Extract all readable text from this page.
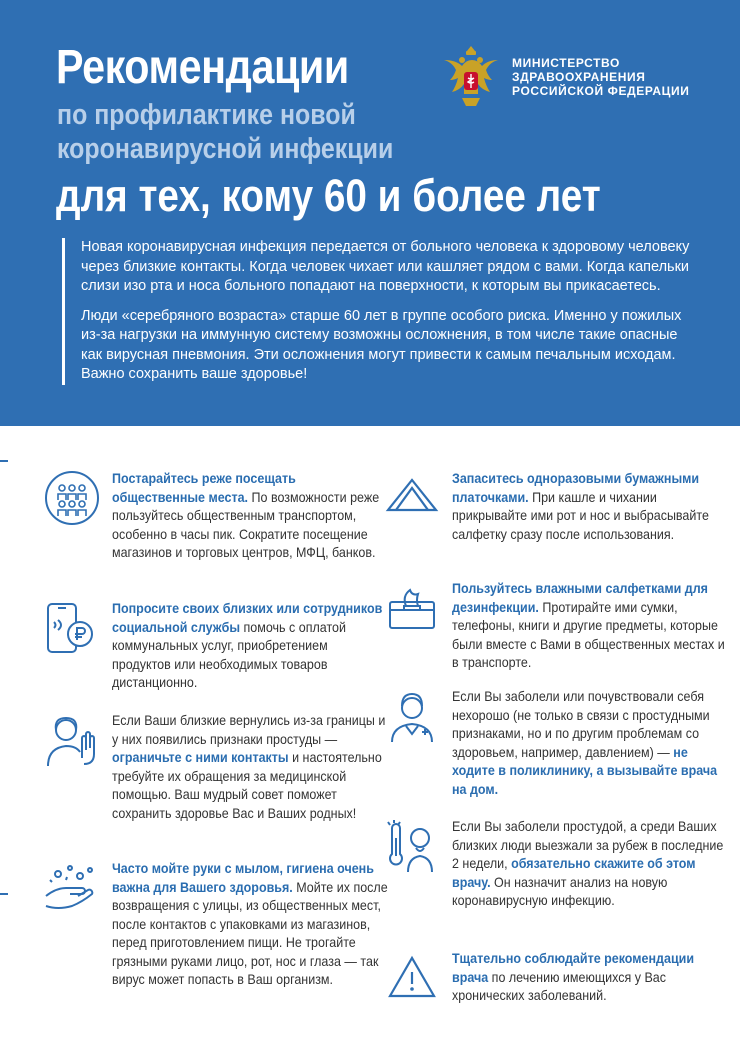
Рекомендации
по профилактике новой
коронавирусной инфекции
для тех, кому 60 и более лет
МИНИСТЕРСТВО
ЗДРАВООХРАНЕНИЯ
РОССИЙСКОЙ ФЕДЕРАЦИИ

Новая коронавирусная инфекция передается от больного человека к здоровому человеку через близкие контакты. Когда человек чихает или кашляет рядом с вами. Когда капельки слизи изо рта и носа больного попадают на поверхности, к которым вы прикасаетесь.

Люди «серебряного возраста» старше 60 лет в группе особого риска. Именно у пожилых из-за нагрузки на иммунную систему возможны осложнения, в том числе такие опасные как вирусная пневмония. Эти осложнения могут привести к самым печальным исходам. Важно сохранить ваше здоровье!

Постарайтесь реже посещать общественные места. По возможности реже пользуйтесь общественным транспортом, особенно в часы пик. Сократите посещение магазинов и торговых центров, МФЦ, банков.
Попросите своих близких или сотрудников социальной службы помочь с оплатой коммунальных услуг, приобретением продуктов или необходимых товаров дистанционно.
Если Ваши близкие вернулись из-за границы и у них появились признаки простуды — ограничьте с ними контакты и настоятельно требуйте их обращения за медицинской помощью. Ваш мудрый совет поможет сохранить здоровье Вас и Ваших родных!
Часто мойте руки с мылом, гигиена очень важна для Вашего здоровья. Мойте их после возвращения с улицы, из общественных мест, после контактов с упаковками из магазинов, перед приготовлением пищи. Не трогайте грязными руками лицо, рот, нос и глаза — так вирус может попасть в Ваш организм.
Запаситесь одноразовыми бумажными платочками. При кашле и чихании прикрывайте ими рот и нос и выбрасывайте салфетку сразу после использования.
Пользуйтесь влажными салфетками для дезинфекции. Протирайте ими сумки, телефоны, книги и другие предметы, которые были вместе с Вами в общественных местах и в транспорте.
Если Вы заболели или почувствовали себя нехорошо (не только в связи с простудными признаками, но и по другим проблемам со здоровьем, например, давлением) — не ходите в поликлинику, а вызывайте врача на дом.
Если Вы заболели простудой, а среди Ваших близких люди выезжали за рубеж в последние 2 недели, обязательно скажите об этом врачу. Он назначит анализ на новую коронавирусную инфекцию.
Тщательно соблюдайте рекомендации врача по лечению имеющихся у Вас хронических заболеваний.
